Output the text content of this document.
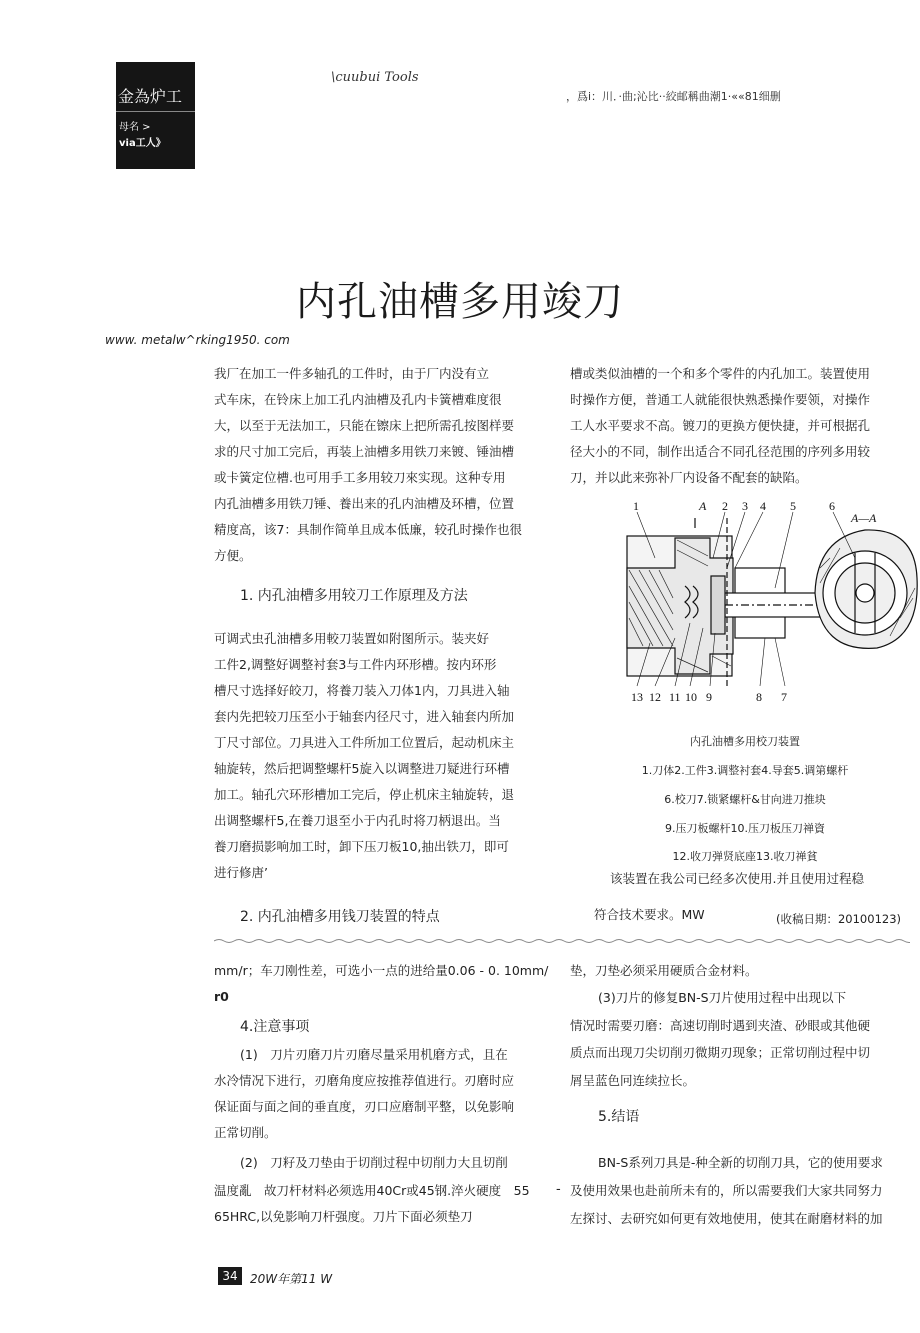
金為炉工
母名 >
via工人》
\cuubui Tools
，爲i：川．·曲;沁比··絞邮稱曲潮1·««81细删
内孔油槽多用竣刀
www. metalw^rking1950. com

我厂在加工一件多轴孔的工件时，由于厂内没有立

式车床，在铃床上加工孔内油槽及孔内卡簧槽难度很

大，以至于无法加工，只能在镲床上把所需孔按图样要

求的尺寸加工完后，再装上油槽多用铁刀来镀、锤油槽

或卡簧定位槽.也可用手工多用较刀來实现。这种专用

内孔油槽多用铁刀锤、養出来的孔内油槽及环槽，位置

精度高，该7：具制作简单且成本低廉，较孔时操作也很

方便。

1. 内孔油槽多用较刀工作原理及方法

可调式虫孔油槽多用較刀装置如附图所示。装夹好

工件2,调整好调整衬套3与工件内环形槽。按内环形

槽尺寸选择好皎刀，将養刀装入刀体1内，刀具进入轴

套内先把较刀压至小于轴套内径尺寸，进入轴套内所加

丁尺寸部位。刀具进入工件所加工位置后，起动机床主

轴旋转，然后把调整螺杆5旋入以调整进刀疑进行环槽

加工。轴孔穴环形槽加工完后，停止机床主轴旋转，退

出调整螺杆5,在養刀退至小于内孔时将刀柄退出。当

養刀磨损影响加工时，卸下压刀板10,抽出铁刀，即可

进行修唐’

2. 内孔油槽多用钱刀装置的特点

槽或类似油槽的一个和多个零件的内孔加工。装置使用

时操作方便，普通工人就能很快熟悉操作要领，对操作

工人水平要求不高。镀刀的更换方便快捷，并可根据孔

径大小的不同，制作出适合不同孔径范围的序列多用较

刀，并以此来弥补厂内设备不配套的缺陷。

1	A 2 3 4 5	6
A—A
13 12 11 10 9	8 7
内孔油槽多用校刀装置
1.刀体2.工件3.调整衬套4.导套5.调第螺杆
6.校刀7.锁紧螺杆&甘向进刀推块
9.压刀板螺杆10.压刀板压刀禅資
12.收刀弹贤底座13.收刀禅貧

该装置在我公司已经多次使用.并且使用过程稳

符合技术要求。MW	(收稿日期：20100123)

mm/r；车刀刚性差，可选小一点的进给量0.06 - 0. 10mm/

r0

4.注意事项

(1)　刀片刃磨刀片刃磨尽量采用机磨方式，且在

水冷情况下进行，刃磨角度应按推荐值进行。刃磨时应

保证面与面之间的垂直度，刃口应磨制平整，以免影响

正常切削。

(2)　刀籽及刀垫由于切削过程中切削力大且切削

温度亂　故刀杆材料必须选用40Cr或45钢.淬火硬度　55

65HRC,以免影响刀杆强度。刀片下面必须垫刀

-

垫，刀垫必须采用硬质合金材料。

(3)刀片的修复BN-S刀片使用过程中出现以下

情况时需要刃磨：高速切削时遇到夹渣、砂眼或其他硬

质点而出现刀尖切削刃微期刃现象；正常切削过程中切

屑呈蓝色冋连续拉长。

5.结语

BN-S系列刀具是-种全新的切削刀具，它的使用要求

及使用效果也赴前所未有的，所以需要我们大家共同努力

左探讨、去研究如何更有效地使用，使其在耐磨材料的加

34	20W年第11 W
